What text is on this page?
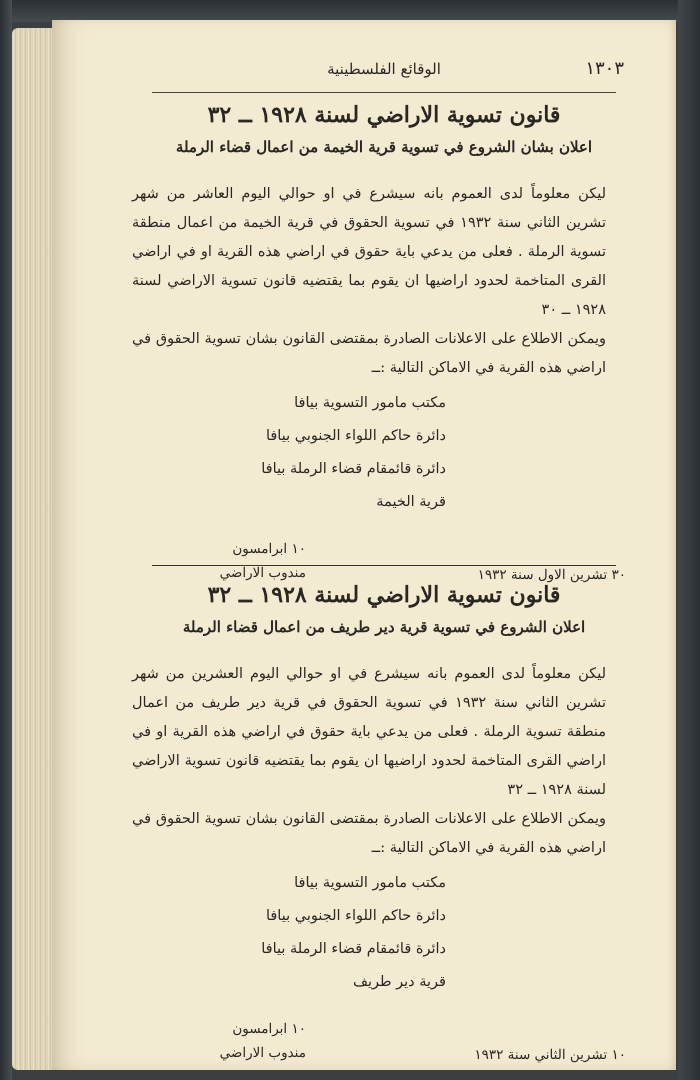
١٣٠٣
الوقائع الفلسطينية
قانون تسوية الاراضي لسنة ١٩٢٨ ــ ٣٢
اعلان بشان الشروع في تسوية قرية الخيمة من اعمال قضاء الرملة

ليكن معلوماً لدى العموم بانه سيشرع في او حوالي اليوم العاشر من شهر تشرين الثاني سنة ١٩٣٢ في تسوية الحقوق في قرية الخيمة من اعمال منطقة تسوية الرملة . فعلى من يدعي باية حقوق في اراضي هذه القرية او في اراضي القرى المتاخمة لحدود اراضيها ان يقوم بما يقتضيه قانون تسوية الاراضي لسنة ١٩٢٨ ــ ٣٠

ويمكن الاطلاع على الاعلانات الصادرة بمقتضى القانون بشان تسوية الحقوق في اراضي هذه القرية في الاماكن التالية :ــ

مكتب مامور التسوية بيافا
دائرة حاكم اللواء الجنوبي بيافا
دائرة قائمقام قضاء الرملة بيافا
قرية الخيمة
١٠ ابرامسون
مندوب الاراضي	٣٠ تشرين الاول سنة ١٩٣٢
قانون تسوية الاراضي لسنة ١٩٢٨ ــ ٣٢
اعلان الشروع في تسوية قرية دير طريف من اعمال قضاء الرملة

ليكن معلوماً لدى العموم بانه سيشرع في او حوالي اليوم العشرين من شهر تشرين الثاني سنة ١٩٣٢ في تسوية الحقوق في قرية دير طريف من اعمال منطقة تسوية الرملة . فعلى من يدعي باية حقوق في اراضي هذه القرية او في اراضي القرى المتاخمة لحدود اراضيها ان يقوم بما يقتضيه قانون تسوية الاراضي لسنة ١٩٢٨ ــ ٣٢

ويمكن الاطلاع على الاعلانات الصادرة بمقتضى القانون بشان تسوية الحقوق في اراضي هذه القرية في الاماكن التالية :ــ

مكتب مامور التسوية بيافا
دائرة حاكم اللواء الجنوبي بيافا
دائرة قائمقام قضاء الرملة بيافا
قرية دير طريف
١٠ ابرامسون
مندوب الاراضي	١٠ تشرين الثاني سنة ١٩٣٢
